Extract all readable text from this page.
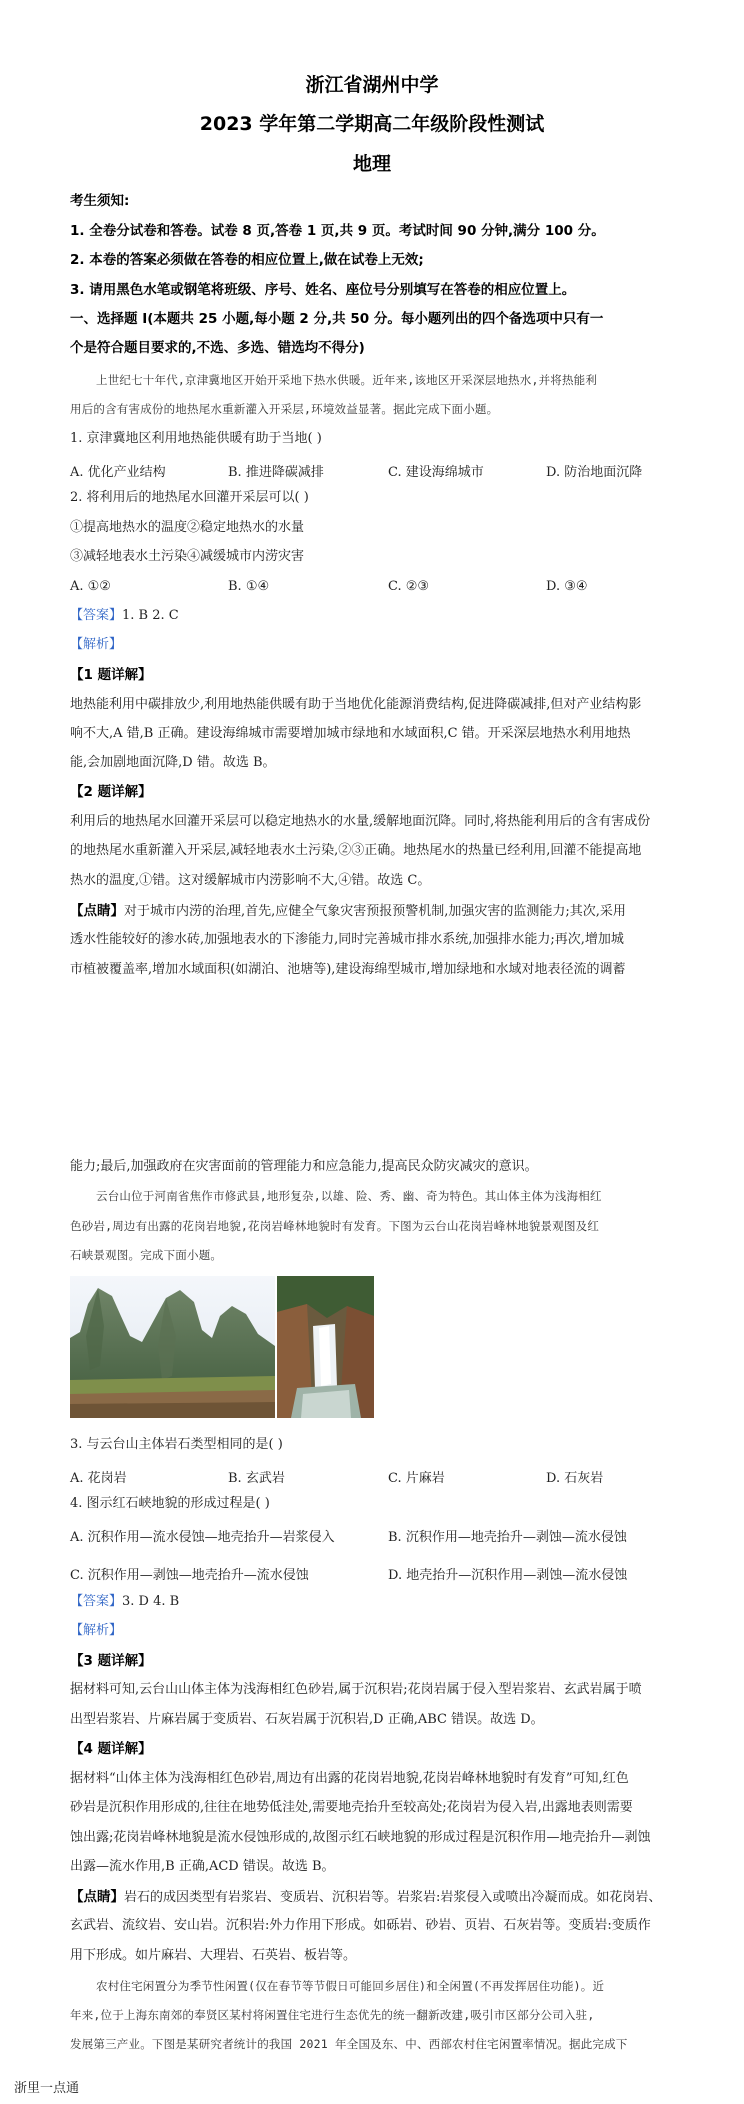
浙江省湖州中学
2023 学年第二学期高二年级阶段性测试
地理
考生须知:
1. 全卷分试卷和答卷。试卷 8 页,答卷 1 页,共 9 页。考试时间 90 分钟,满分 100 分。
2. 本卷的答案必须做在答卷的相应位置上,做在试卷上无效;
3. 请用黑色水笔或钢笔将班级、序号、姓名、座位号分别填写在答卷的相应位置上。
一、选择题 I(本题共 25 小题,每小题 2 分,共 50 分。每小题列出的四个备选项中只有一
个是符合题目要求的,不选、多选、错选均不得分)
上世纪七十年代,京津冀地区开始开采地下热水供暖。近年来,该地区开采深层地热水,并将热能利
用后的含有害成份的地热尾水重新灌入开采层,环境效益显著。据此完成下面小题。
1. 京津冀地区利用地热能供暖有助于当地( )
A. 优化产业结构	B. 推进降碳减排	C. 建设海绵城市	D. 防治地面沉降
2. 将利用后的地热尾水回灌开采层可以( )
①提高地热水的温度②稳定地热水的水量
③减轻地表水土污染④减缓城市内涝灾害
A. ①②	B. ①④	C. ②③	D. ③④
【答案】1. B 2. C
【解析】
【1 题详解】
地热能利用中碳排放少,利用地热能供暖有助于当地优化能源消费结构,促进降碳减排,但对产业结构影
响不大,A 错,B 正确。建设海绵城市需要增加城市绿地和水域面积,C 错。开采深层地热水利用地热
能,会加剧地面沉降,D 错。故选 B。
【2 题详解】
利用后的地热尾水回灌开采层可以稳定地热水的水量,缓解地面沉降。同时,将热能利用后的含有害成份
的地热尾水重新灌入开采层,减轻地表水土污染,②③正确。地热尾水的热量已经利用,回灌不能提高地
热水的温度,①错。这对缓解城市内涝影响不大,④错。故选 C。
【点睛】对于城市内涝的治理,首先,应健全气象灾害预报预警机制,加强灾害的监测能力;其次,采用
透水性能较好的渗水砖,加强地表水的下渗能力,同时完善城市排水系统,加强排水能力;再次,增加城
市植被覆盖率,增加水域面积(如湖泊、池塘等),建设海绵型城市,增加绿地和水域对地表径流的调蓄
能力;最后,加强政府在灾害面前的管理能力和应急能力,提高民众防灾减灾的意识。
云台山位于河南省焦作市修武县,地形复杂,以雄、险、秀、幽、奇为特色。其山体主体为浅海相红
色砂岩,周边有出露的花岗岩地貌,花岗岩峰林地貌时有发育。下图为云台山花岗岩峰林地貌景观图及红
石峡景观图。完成下面小题。
3. 与云台山主体岩石类型相同的是( )
A. 花岗岩	B. 玄武岩	C. 片麻岩	D. 石灰岩
4. 图示红石峡地貌的形成过程是( )
A. 沉积作用—流水侵蚀—地壳抬升—岩浆侵入	B. 沉积作用—地壳抬升—剥蚀—流水侵蚀
C. 沉积作用—剥蚀—地壳抬升—流水侵蚀	D. 地壳抬升—沉积作用—剥蚀—流水侵蚀
【答案】3. D 4. B
【解析】
【3 题详解】
据材料可知,云台山山体主体为浅海相红色砂岩,属于沉积岩;花岗岩属于侵入型岩浆岩、玄武岩属于喷
出型岩浆岩、片麻岩属于变质岩、石灰岩属于沉积岩,D 正确,ABC 错误。故选 D。
【4 题详解】
据材料“山体主体为浅海相红色砂岩,周边有出露的花岗岩地貌,花岗岩峰林地貌时有发育”可知,红色
砂岩是沉积作用形成的,往往在地势低洼处,需要地壳抬升至较高处;花岗岩为侵入岩,出露地表则需要
蚀出露;花岗岩峰林地貌是流水侵蚀形成的,故图示红石峡地貌的形成过程是沉积作用—地壳抬升—剥蚀
出露—流水作用,B 正确,ACD 错误。故选 B。
【点睛】岩石的成因类型有岩浆岩、变质岩、沉积岩等。岩浆岩:岩浆侵入或喷出冷凝而成。如花岗岩、
玄武岩、流纹岩、安山岩。沉积岩:外力作用下形成。如砾岩、砂岩、页岩、石灰岩等。变质岩:变质作
用下形成。如片麻岩、大理岩、石英岩、板岩等。
农村住宅闲置分为季节性闲置(仅在春节等节假日可能回乡居住)和全闲置(不再发挥居住功能)。近
年来,位于上海东南郊的奉贤区某村将闲置住宅进行生态优先的统一翻新改建,吸引市区部分公司入驻,
发展第三产业。下图是某研究者统计的我国 2021 年全国及东、中、西部农村住宅闲置率情况。据此完成下
浙里一点通
